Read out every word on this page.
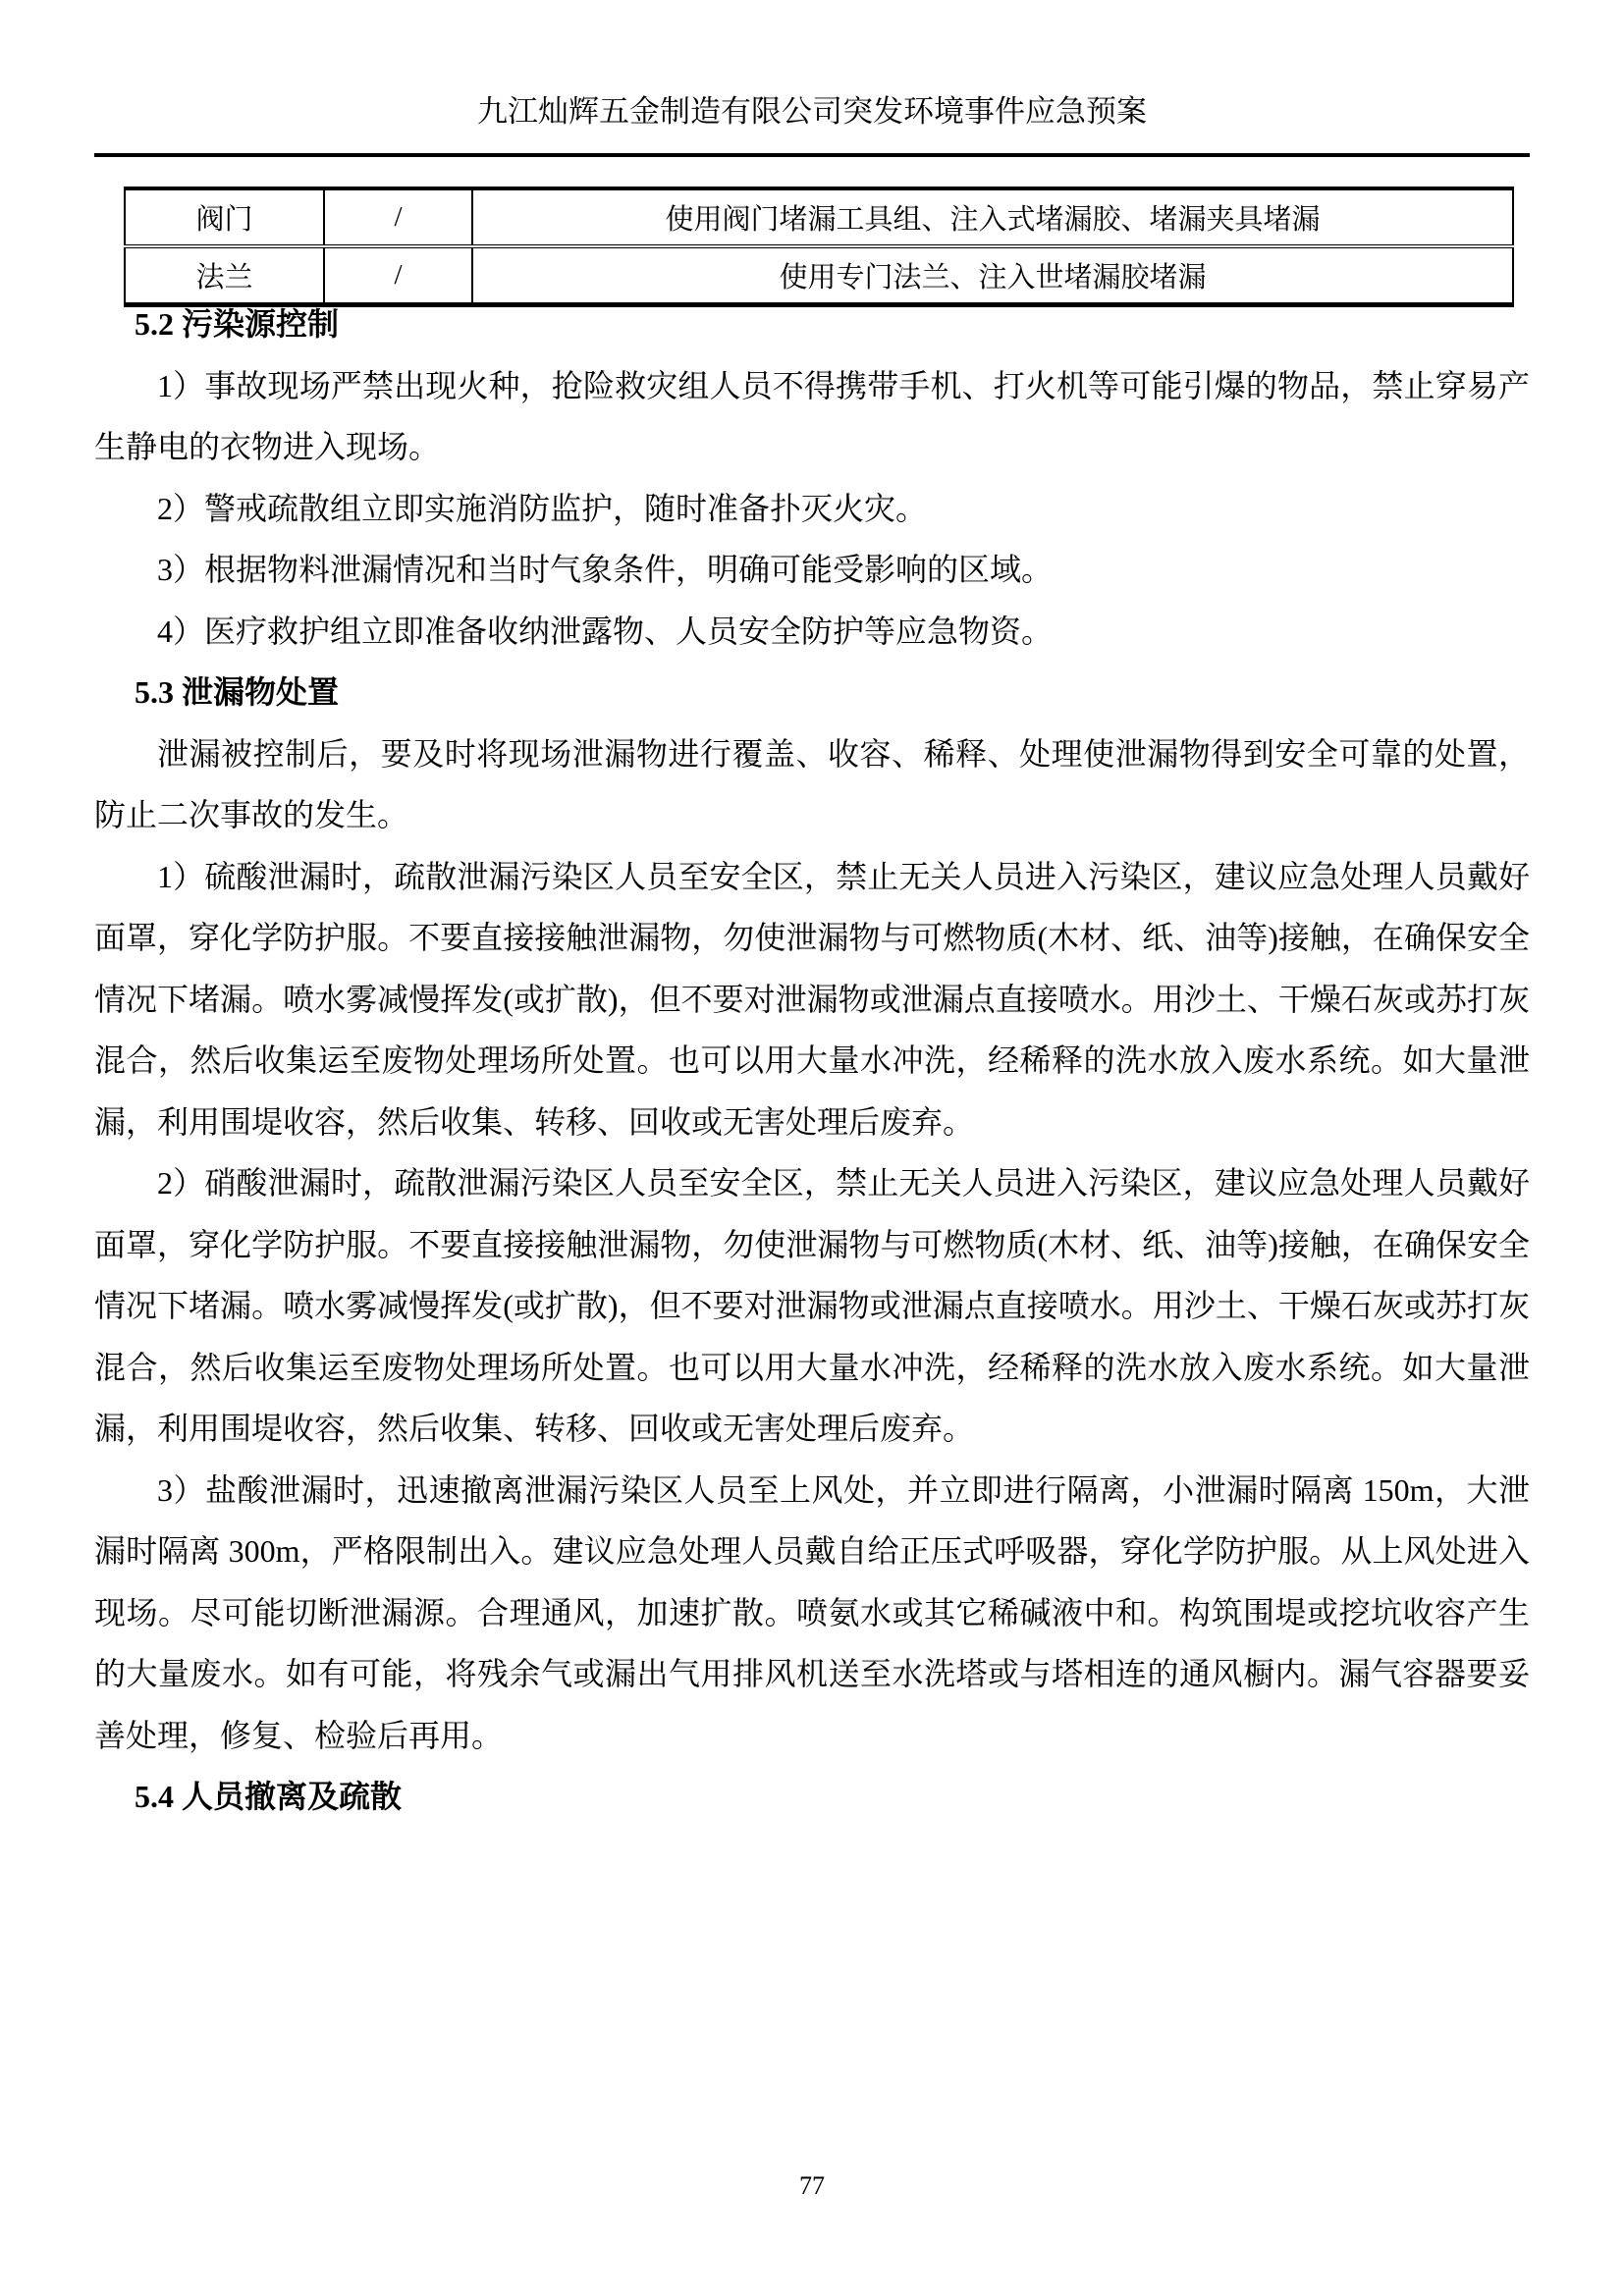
九江灿辉五金制造有限公司突发环境事件应急预案
阀门	/	使用阀门堵漏工具组、注入式堵漏胶、堵漏夹具堵漏
法兰	/	使用专门法兰、注入世堵漏胶堵漏
5.2 污染源控制

1）事故现场严禁出现火种，抢险救灾组人员不得携带手机、打火机等可能引爆的物品，禁止穿易产生静电的衣物进入现场。

2）警戒疏散组立即实施消防监护，随时准备扑灭火灾。

3）根据物料泄漏情况和当时气象条件，明确可能受影响的区域。

4）医疗救护组立即准备收纳泄露物、人员安全防护等应急物资。

5.3 泄漏物处置

泄漏被控制后，要及时将现场泄漏物进行覆盖、收容、稀释、处理使泄漏物得到安全可靠的处置，防止二次事故的发生。

1）硫酸泄漏时，疏散泄漏污染区人员至安全区，禁止无关人员进入污染区，建议应急处理人员戴好面罩，穿化学防护服。不要直接接触泄漏物，勿使泄漏物与可燃物质(木材、纸、油等)接触，在确保安全情况下堵漏。喷水雾减慢挥发(或扩散)，但不要对泄漏物或泄漏点直接喷水。用沙土、干燥石灰或苏打灰混合，然后收集运至废物处理场所处置。也可以用大量水冲洗，经稀释的洗水放入废水系统。如大量泄漏，利用围堤收容，然后收集、转移、回收或无害处理后废弃。

2）硝酸泄漏时，疏散泄漏污染区人员至安全区，禁止无关人员进入污染区，建议应急处理人员戴好面罩，穿化学防护服。不要直接接触泄漏物，勿使泄漏物与可燃物质(木材、纸、油等)接触，在确保安全情况下堵漏。喷水雾减慢挥发(或扩散)，但不要对泄漏物或泄漏点直接喷水。用沙土、干燥石灰或苏打灰混合，然后收集运至废物处理场所处置。也可以用大量水冲洗，经稀释的洗水放入废水系统。如大量泄漏，利用围堤收容，然后收集、转移、回收或无害处理后废弃。

3）盐酸泄漏时，迅速撤离泄漏污染区人员至上风处，并立即进行隔离，小泄漏时隔离 150m，大泄漏时隔离 300m，严格限制出入。建议应急处理人员戴自给正压式呼吸器，穿化学防护服。从上风处进入现场。尽可能切断泄漏源。合理通风，加速扩散。喷氨水或其它稀碱液中和。构筑围堤或挖坑收容产生的大量废水。如有可能，将残余气或漏出气用排风机送至水洗塔或与塔相连的通风橱内。漏气容器要妥善处理，修复、检验后再用。

5.4 人员撤离及疏散
77
